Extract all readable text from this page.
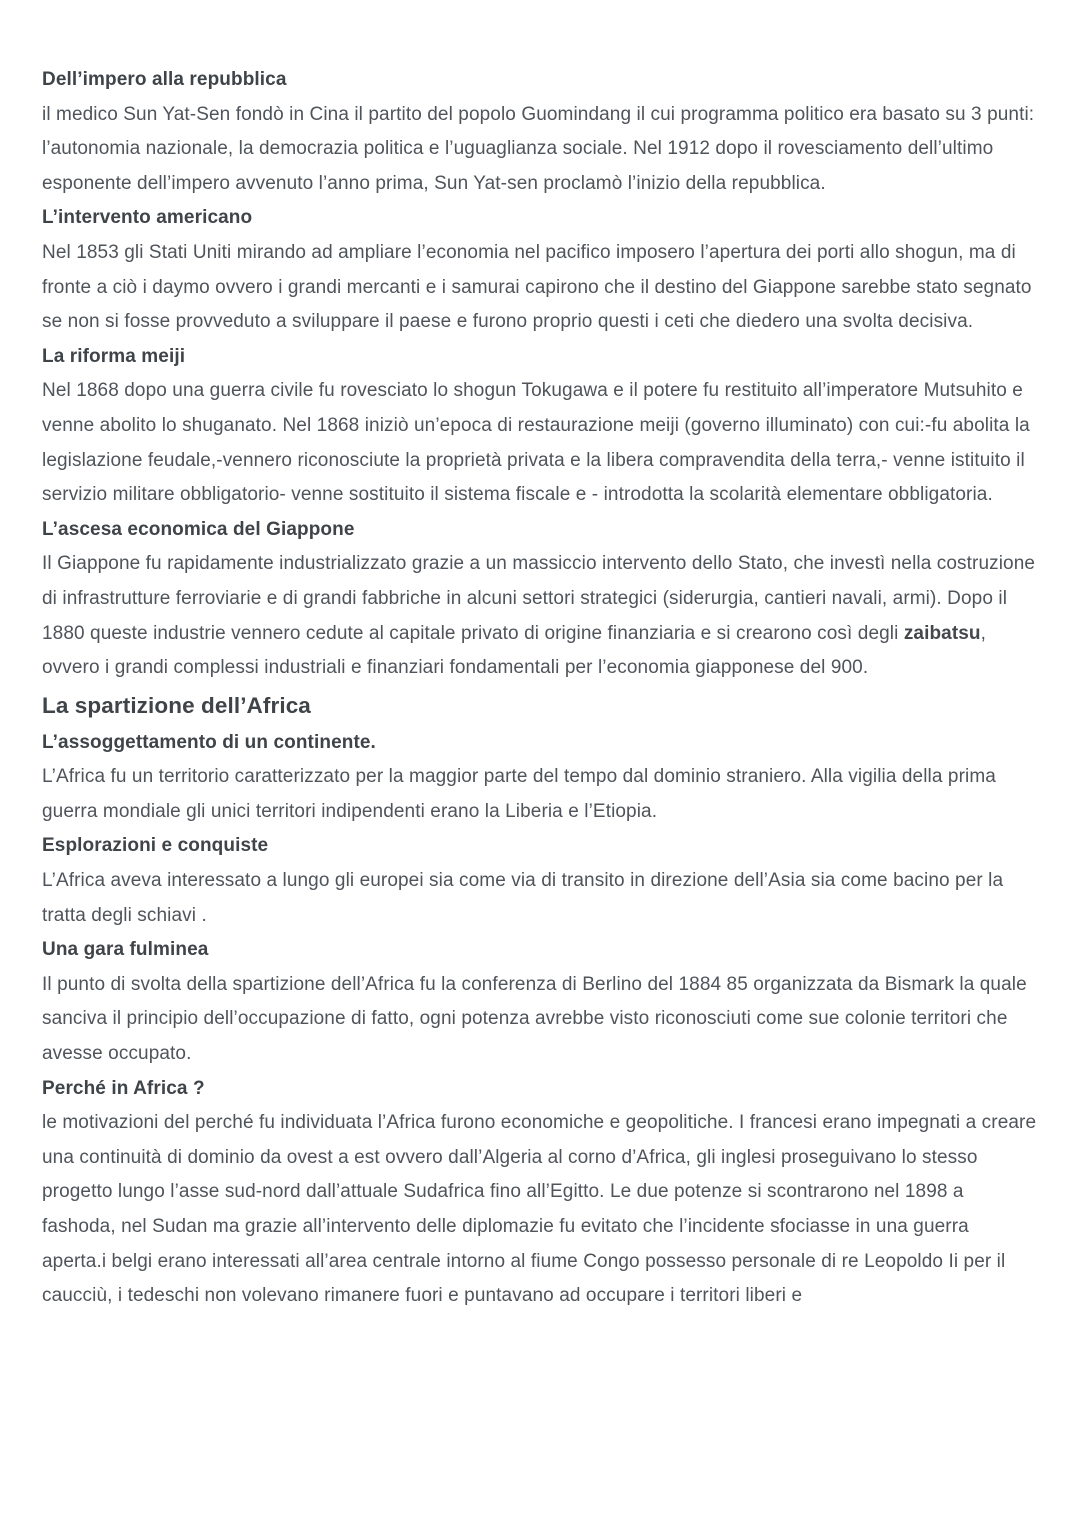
Dell’impero alla repubblica

il medico Sun Yat-Sen fondò in Cina il partito del popolo Guomindang il cui programma politico era basato su 3 punti: l’autonomia nazionale, la democrazia politica e l’uguaglianza sociale. Nel 1912 dopo il rovesciamento dell’ultimo esponente dell’impero avvenuto l’anno prima, Sun Yat-sen proclamò l’inizio della repubblica.

L’intervento americano

Nel 1853 gli Stati Uniti mirando ad ampliare l’economia nel pacifico imposero l’apertura dei porti allo shogun, ma di fronte a ciò i daymo ovvero i grandi mercanti e i samurai capirono che il destino del Giappone sarebbe stato segnato se non si fosse provveduto a sviluppare il paese e furono proprio questi i ceti che diedero una svolta decisiva.

La riforma meiji

Nel 1868 dopo una guerra civile fu rovesciato lo shogun Tokugawa e il potere fu restituito all’imperatore Mutsuhito e venne abolito lo shuganato. Nel 1868 iniziò un’epoca di restaurazione meiji (governo illuminato) con cui:-fu abolita la legislazione feudale,-vennero riconosciute la proprietà privata e la libera compravendita della terra,- venne istituito il servizio militare obbligatorio- venne sostituito il sistema fiscale e - introdotta la scolarità elementare obbligatoria.

L’ascesa economica del Giappone

Il Giappone fu rapidamente industrializzato grazie a un massiccio intervento dello Stato, che investì nella costruzione di infrastrutture ferroviarie e di grandi fabbriche in alcuni settori strategici (siderurgia, cantieri navali, armi). Dopo il 1880 queste industrie vennero cedute al capitale privato di origine finanziaria e si crearono così degli zaibatsu, ovvero i grandi complessi industriali e finanziari fondamentali per l’economia giapponese del 900.

La spartizione dell’Africa
L’assoggettamento di un continente.

L’Africa fu un territorio caratterizzato per la maggior parte del tempo dal dominio straniero. Alla vigilia della prima guerra mondiale gli unici territori indipendenti erano la Liberia e l’Etiopia.

Esplorazioni e conquiste

L’Africa aveva interessato a lungo gli europei sia come via di transito in direzione dell’Asia sia come bacino per la tratta degli schiavi .

Una gara fulminea

Il punto di svolta della spartizione dell’Africa fu la conferenza di Berlino del 1884 85 organizzata da Bismark la quale sanciva il principio dell’occupazione di fatto, ogni potenza avrebbe visto riconosciuti come sue colonie territori che avesse occupato.

Perché in Africa ?

le motivazioni del perché fu individuata l’Africa furono economiche e geopolitiche. I francesi erano impegnati a creare una continuità di dominio da ovest a est ovvero dall’Algeria al corno d’Africa, gli inglesi proseguivano lo stesso progetto lungo l’asse sud-nord dall’attuale Sudafrica fino all’Egitto. Le due potenze si scontrarono nel 1898 a fashoda, nel Sudan ma grazie all’intervento delle diplomazie fu evitato che l’incidente sfociasse in una guerra aperta.i belgi erano interessati all’area centrale intorno al fiume Congo possesso personale di re Leopoldo Ii per il caucciù, i tedeschi non volevano rimanere fuori e puntavano ad occupare i territori liberi e
